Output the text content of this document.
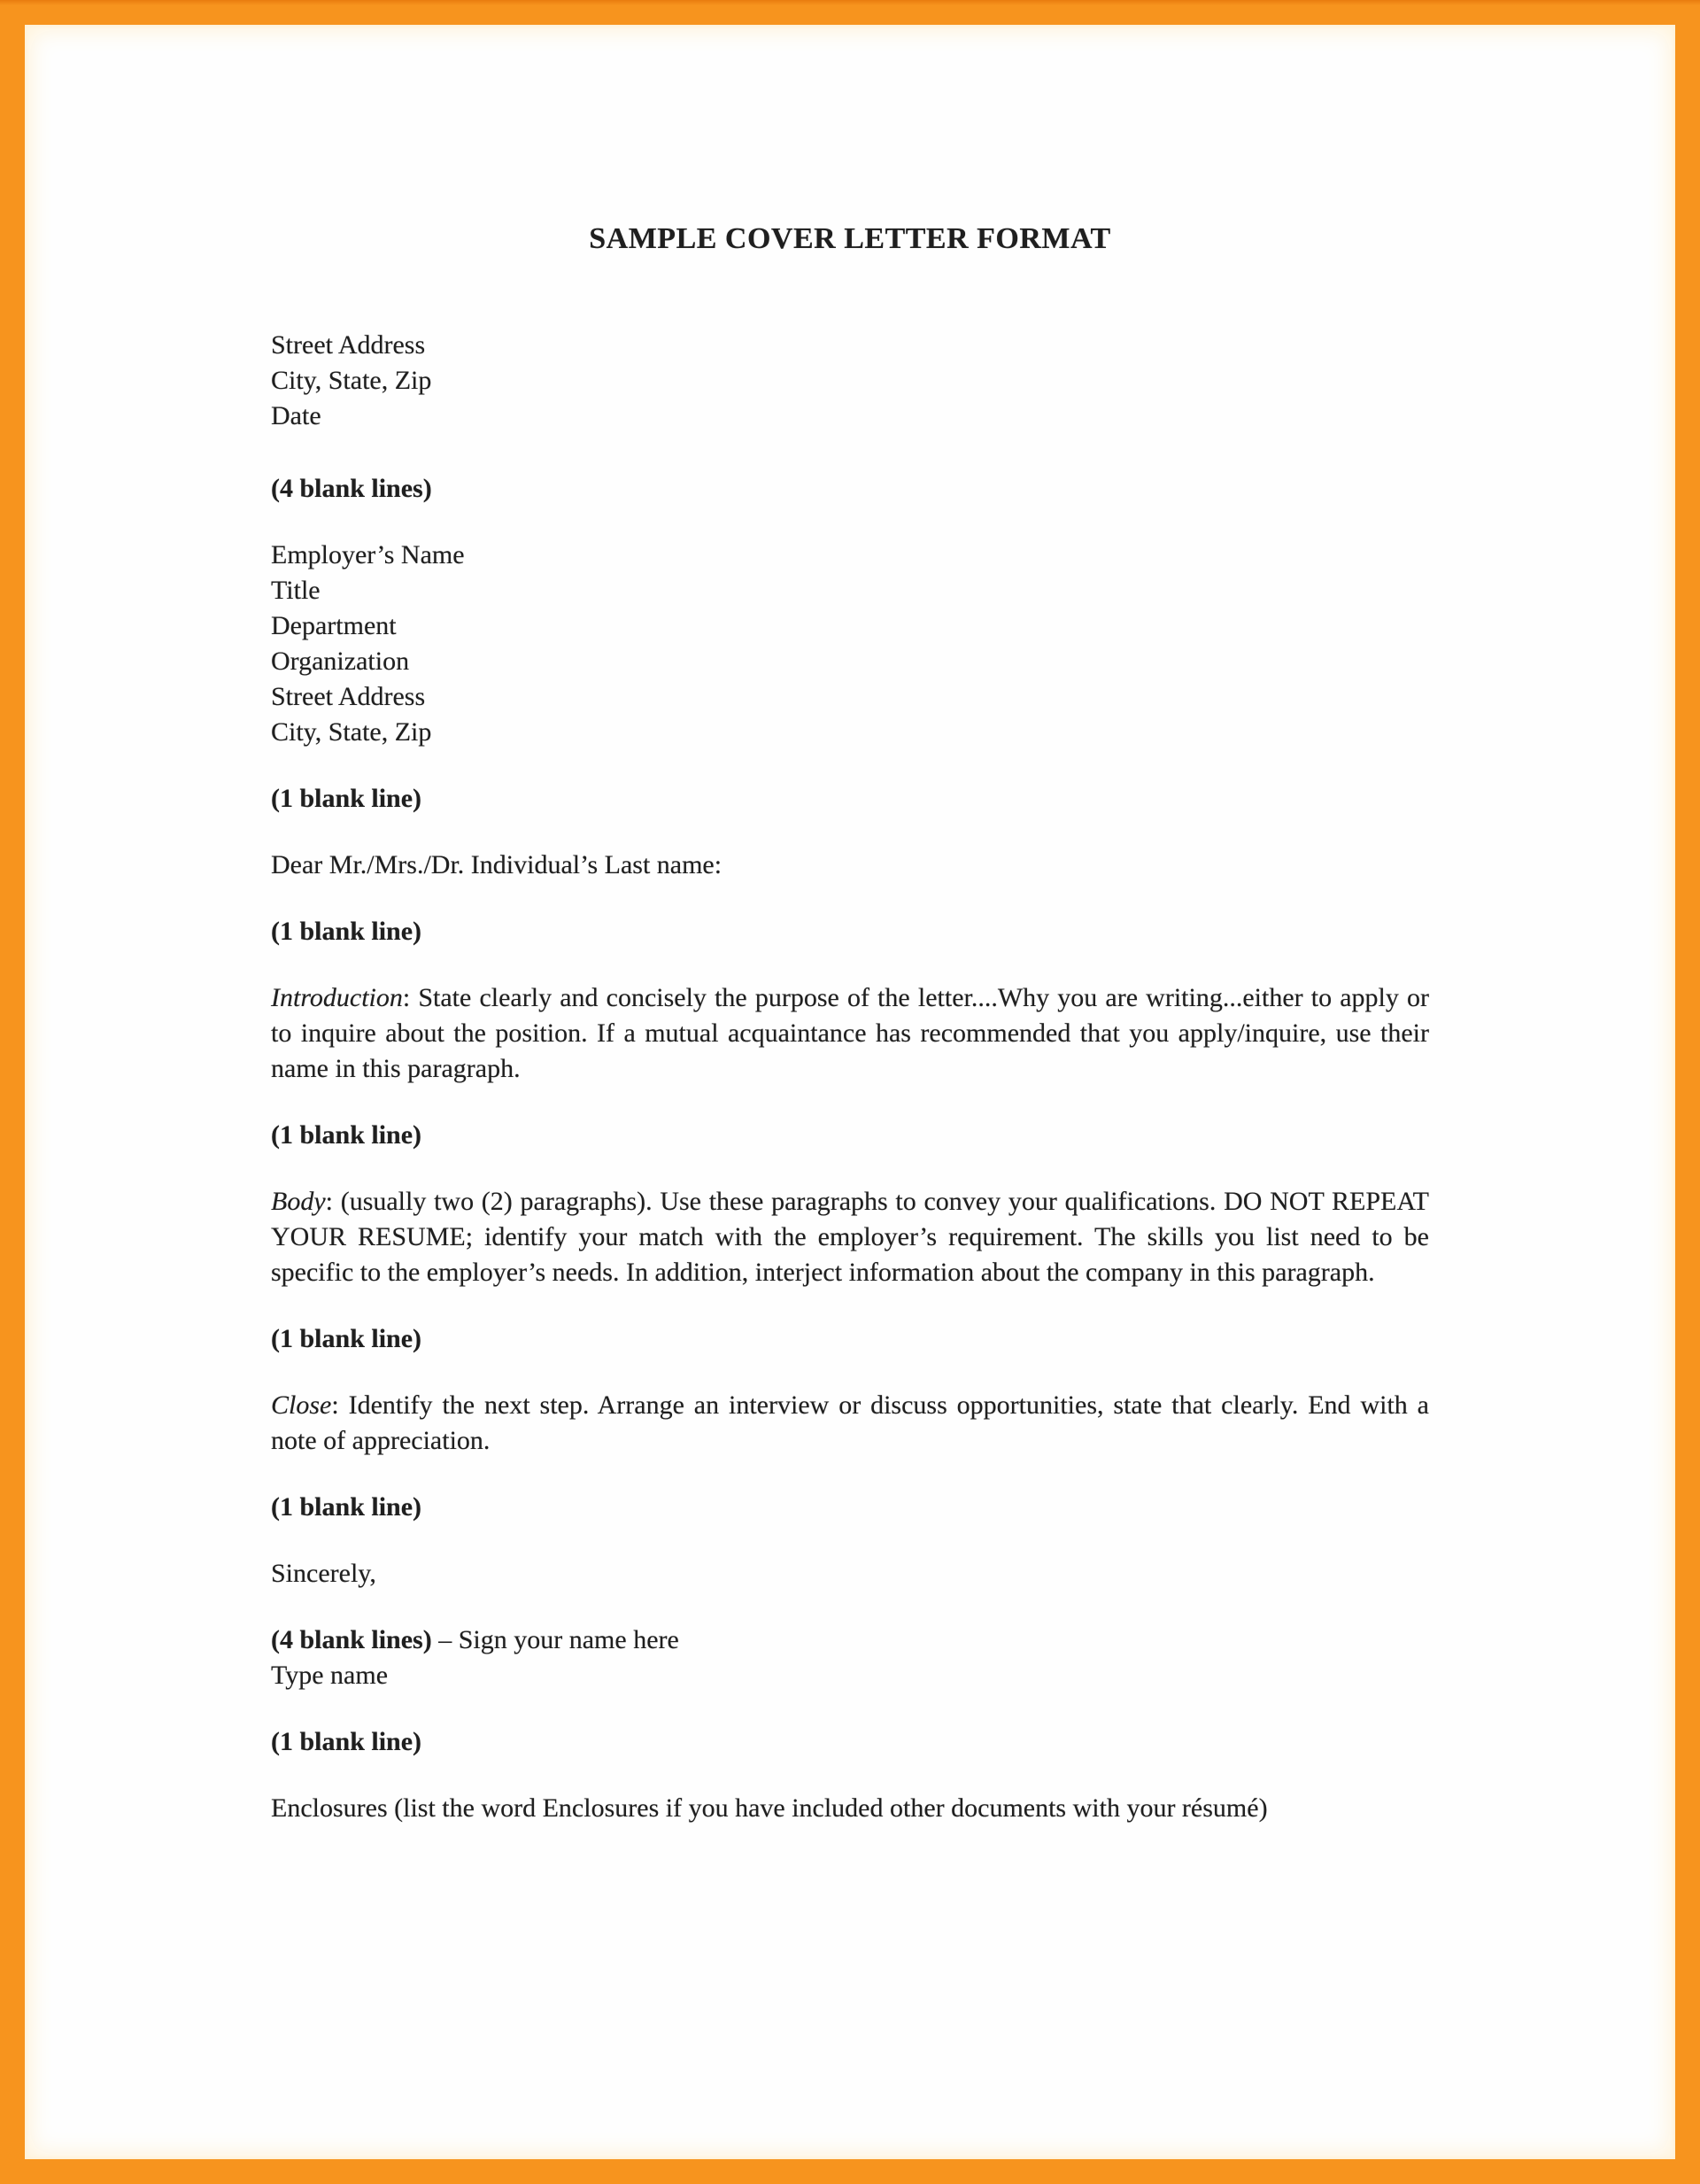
SAMPLE COVER LETTER FORMAT
Street Address
City, State, Zip
Date
(4 blank lines)
Employer’s Name
Title
Department
Organization
Street Address
City, State, Zip
(1 blank line)
Dear Mr./Mrs./Dr. Individual’s Last name:
(1 blank line)
Introduction: State clearly and concisely the purpose of the letter....Why you are writing...either to apply or to inquire about the position. If a mutual acquaintance has recommended that you apply/inquire, use their name in this paragraph.
(1 blank line)
Body: (usually two (2) paragraphs). Use these paragraphs to convey your qualifications. DO NOT REPEAT YOUR RESUME; identify your match with the employer’s requirement. The skills you list need to be specific to the employer’s needs. In addition, interject information about the company in this paragraph.
(1 blank line)
Close: Identify the next step. Arrange an interview or discuss opportunities, state that clearly. End with a note of appreciation.
(1 blank line)
Sincerely,
(4 blank lines) – Sign your name here
Type name
(1 blank line)
Enclosures (list the word Enclosures if you have included other documents with your résumé)
